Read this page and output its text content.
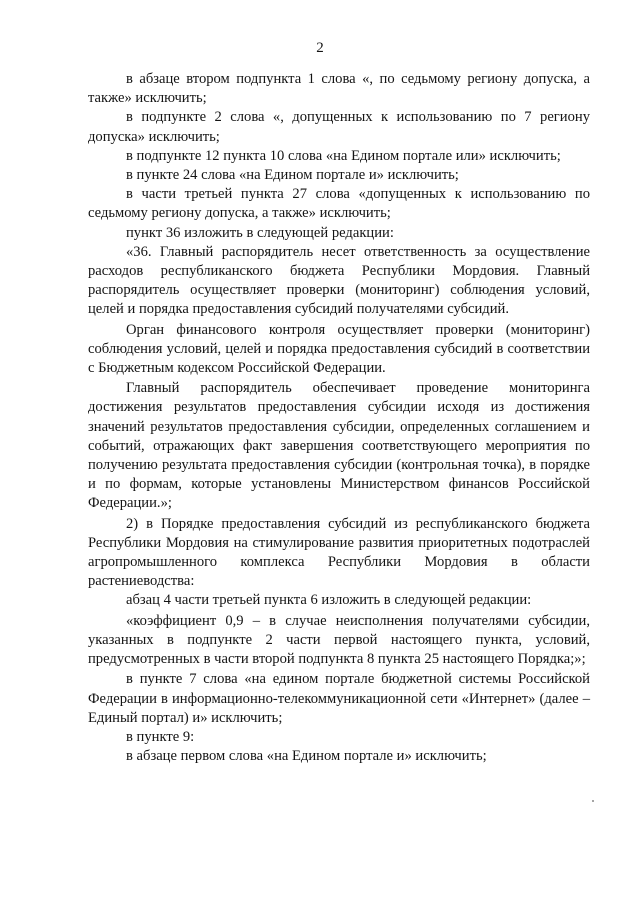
2

в абзаце втором подпункта 1 слова «, по седьмому региону допуска, а также» исключить;

в подпункте 2 слова «, допущенных к использованию по 7 региону допуска» исключить;

в подпункте 12 пункта 10 слова «на Едином портале или» исключить;

в пункте 24 слова «на Едином портале и» исключить;

в части третьей пункта 27 слова «допущенных к использованию по седьмому региону допуска, а также» исключить;

пункт 36 изложить в следующей редакции:

«36. Главный распорядитель несет ответственность за осуществление расходов республиканского бюджета Республики Мордовия. Главный распорядитель осуществляет проверки (мониторинг) соблюдения условий, целей и порядка предоставления субсидий получателями субсидий.

Орган финансового контроля осуществляет проверки (мониторинг) соблюдения условий, целей и порядка предоставления субсидий в соответствии с Бюджетным кодексом Российской Федерации.

Главный распорядитель обеспечивает проведение мониторинга достижения результатов предоставления субсидии исходя из достижения значений результатов предоставления субсидии, определенных соглашением и событий, отражающих факт завершения соответствующего мероприятия по получению результата предоставления субсидии (контрольная точка), в порядке и по формам, которые установлены Министерством финансов Российской Федерации.»;

2) в Порядке предоставления субсидий из республиканского бюджета Республики Мордовия на стимулирование развития приоритетных подотраслей агропромышленного комплекса Республики Мордовия в области растениеводства:

абзац 4 части третьей пункта 6 изложить в следующей редакции:

«коэффициент 0,9 – в случае неисполнения получателями субсидии, указанных в подпункте 2 части первой настоящего пункта, условий, предусмотренных в части второй подпункта 8 пункта 25 настоящего Порядка;»;

в пункте 7 слова «на едином портале бюджетной системы Российской Федерации в информационно-телекоммуникационной сети «Интернет» (далее – Единый портал) и» исключить;

в пункте 9:

в абзаце первом слова «на Едином портале и» исключить;
